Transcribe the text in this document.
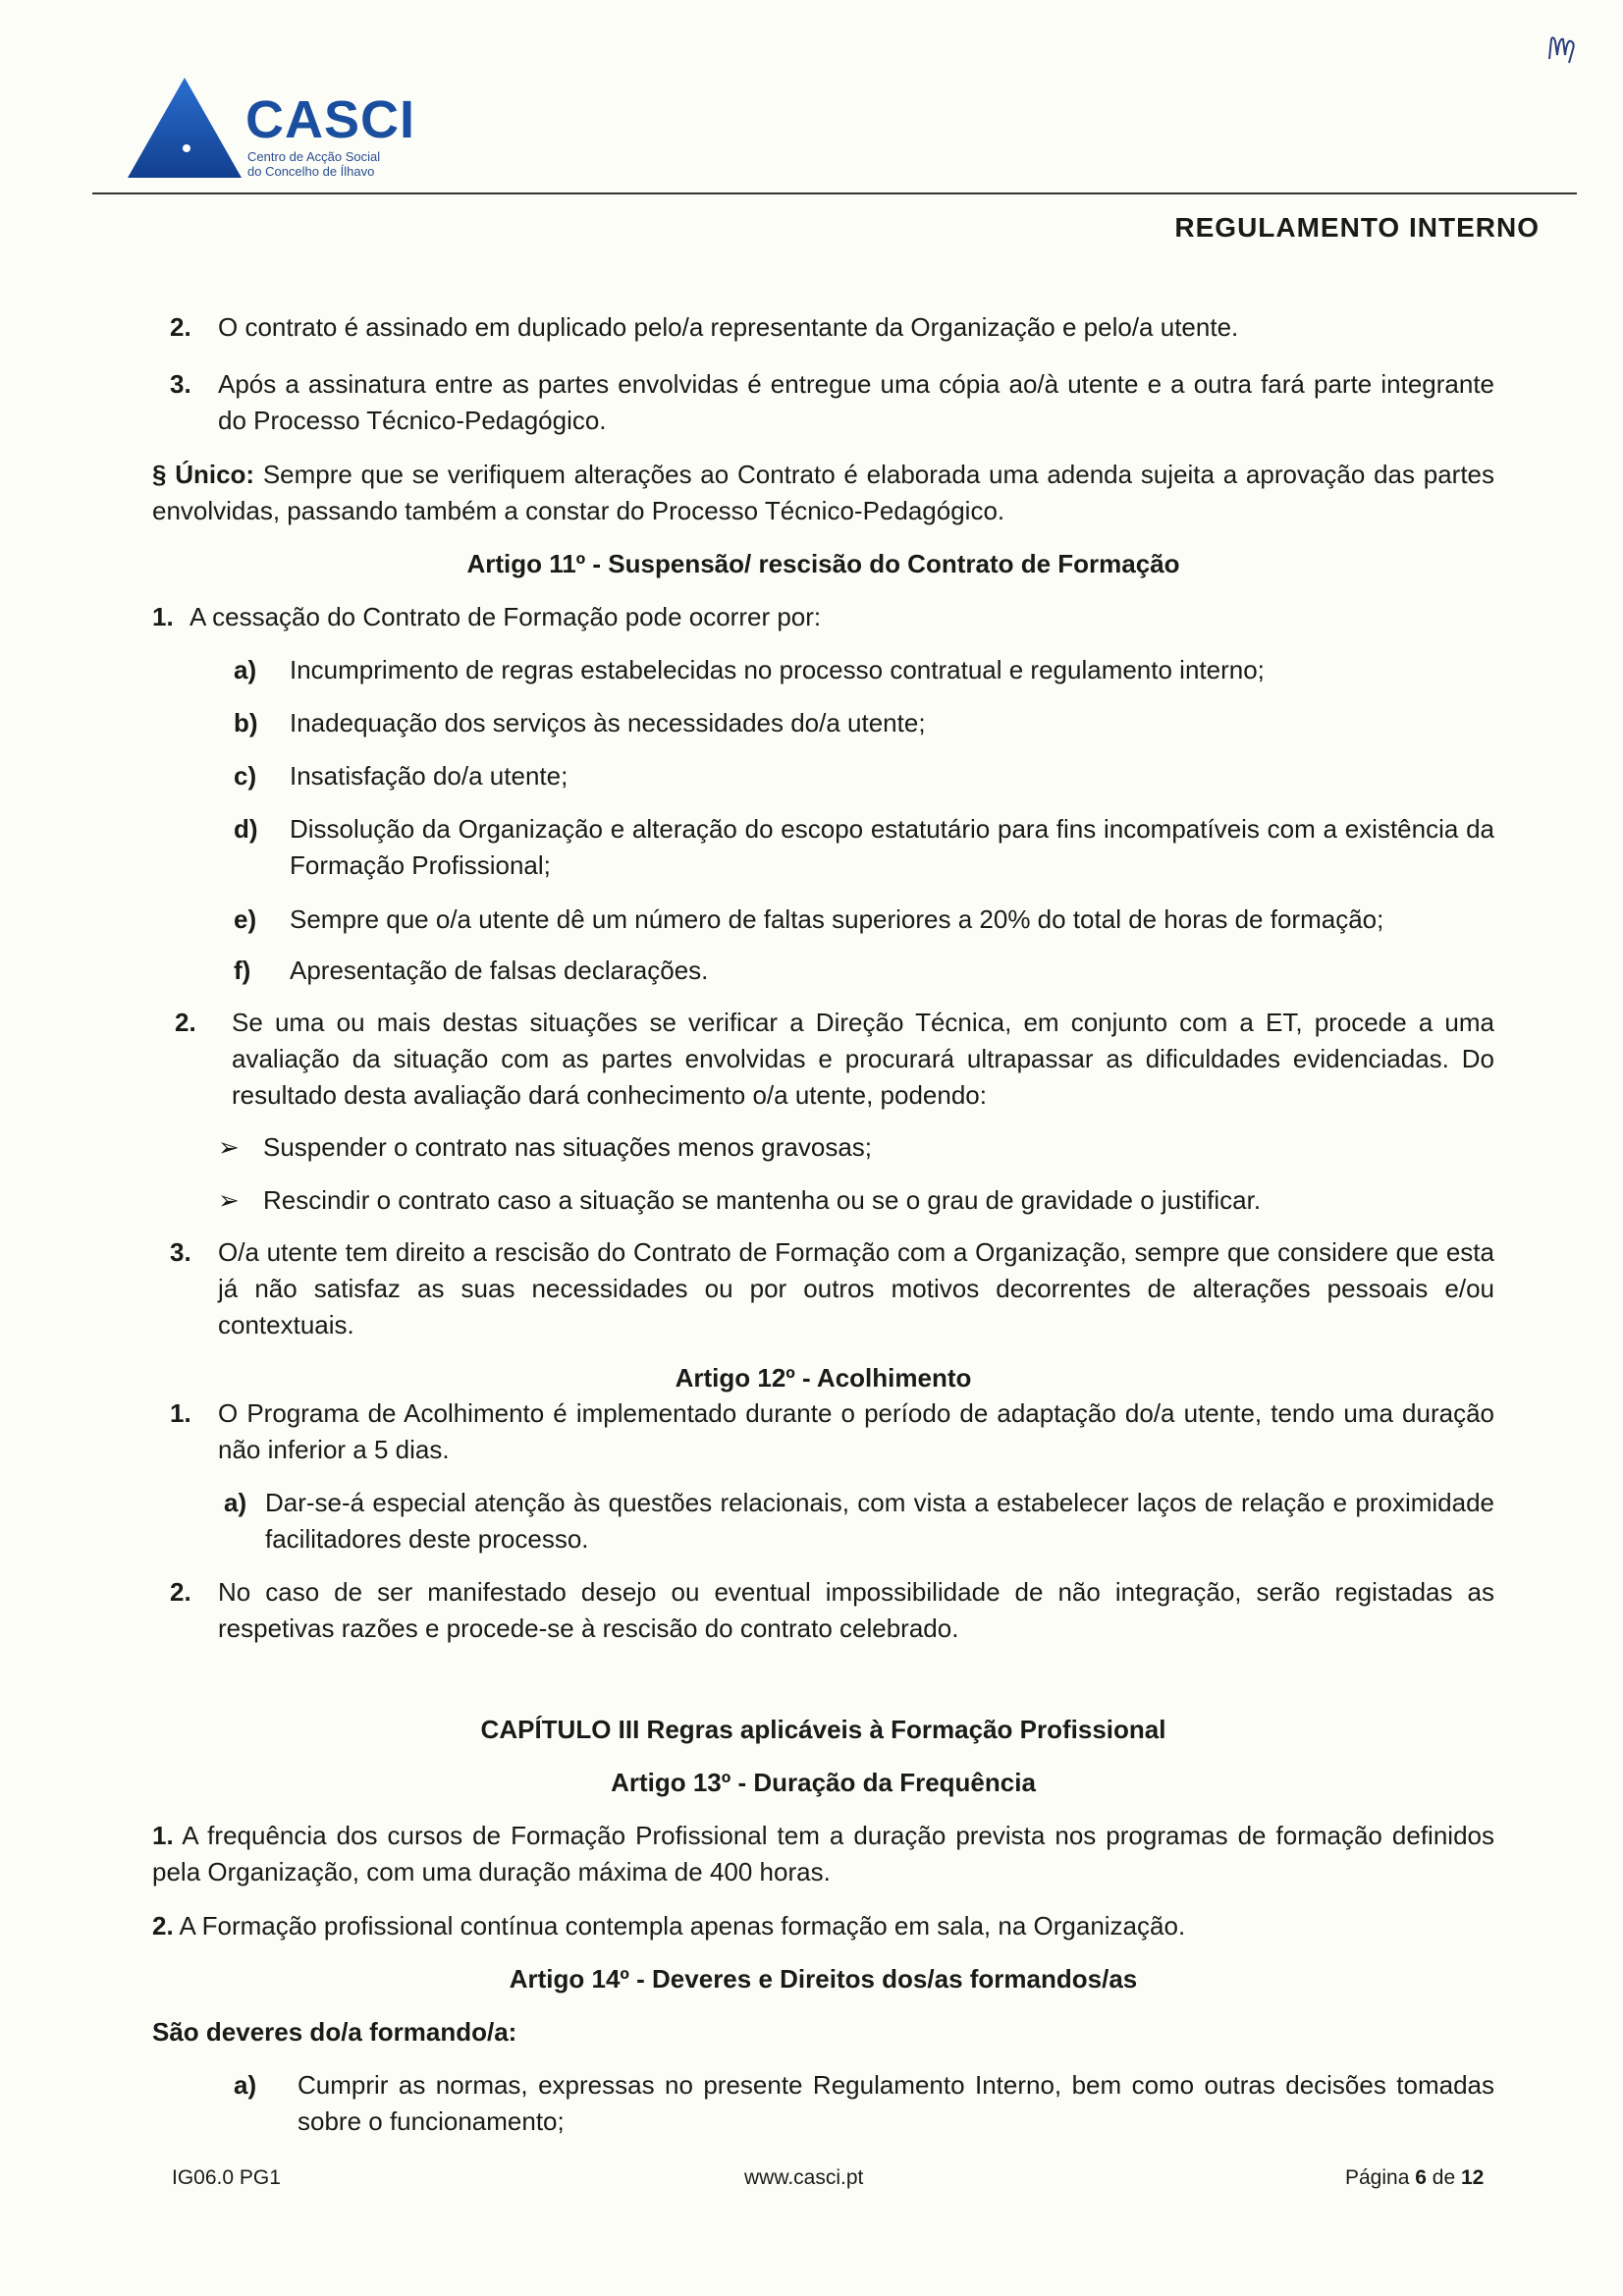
CASCI
Centro de Acção Social
do Concelho de Ílhavo
REGULAMENTO INTERNO
2. O contrato é assinado em duplicado pelo/a representante da Organização e pelo/a utente.
3. Após a assinatura entre as partes envolvidas é entregue uma cópia ao/à utente e a outra fará parte integrante do Processo Técnico-Pedagógico.
§ Único: Sempre que se verifiquem alterações ao Contrato é elaborada uma adenda sujeita a aprovação das partes envolvidas, passando também a constar do Processo Técnico-Pedagógico.
Artigo 11º - Suspensão/ rescisão do Contrato de Formação
1. A cessação do Contrato de Formação pode ocorrer por:
a) Incumprimento de regras estabelecidas no processo contratual e regulamento interno;
b) Inadequação dos serviços às necessidades do/a utente;
c) Insatisfação do/a utente;
d) Dissolução da Organização e alteração do escopo estatutário para fins incompatíveis com a existência da Formação Profissional;
e) Sempre que o/a utente dê um número de faltas superiores a 20% do total de horas de formação;
f) Apresentação de falsas declarações.
2. Se uma ou mais destas situações se verificar a Direção Técnica, em conjunto com a ET, procede a uma avaliação da situação com as partes envolvidas e procurará ultrapassar as dificuldades evidenciadas. Do resultado desta avaliação dará conhecimento o/a utente, podendo:
➢ Suspender o contrato nas situações menos gravosas;
➢ Rescindir o contrato caso a situação se mantenha ou se o grau de gravidade o justificar.
3. O/a utente tem direito a rescisão do Contrato de Formação com a Organização, sempre que considere que esta já não satisfaz as suas necessidades ou por outros motivos decorrentes de alterações pessoais e/ou contextuais.
Artigo 12º - Acolhimento
1. O Programa de Acolhimento é implementado durante o período de adaptação do/a utente, tendo uma duração não inferior a 5 dias.
a) Dar-se-á especial atenção às questões relacionais, com vista a estabelecer laços de relação e proximidade facilitadores deste processo.
2. No caso de ser manifestado desejo ou eventual impossibilidade de não integração, serão registadas as respetivas razões e procede-se à rescisão do contrato celebrado.
CAPÍTULO III Regras aplicáveis à Formação Profissional
Artigo 13º - Duração da Frequência
1. A frequência dos cursos de Formação Profissional tem a duração prevista nos programas de formação definidos pela Organização, com uma duração máxima de 400 horas.
2. A Formação profissional contínua contempla apenas formação em sala, na Organização.
Artigo 14º - Deveres e Direitos dos/as formandos/as
São deveres do/a formando/a:
a) Cumprir as normas, expressas no presente Regulamento Interno, bem como outras decisões tomadas sobre o funcionamento;
IG06.0 PG1	www.casci.pt	Página 6 de 12
